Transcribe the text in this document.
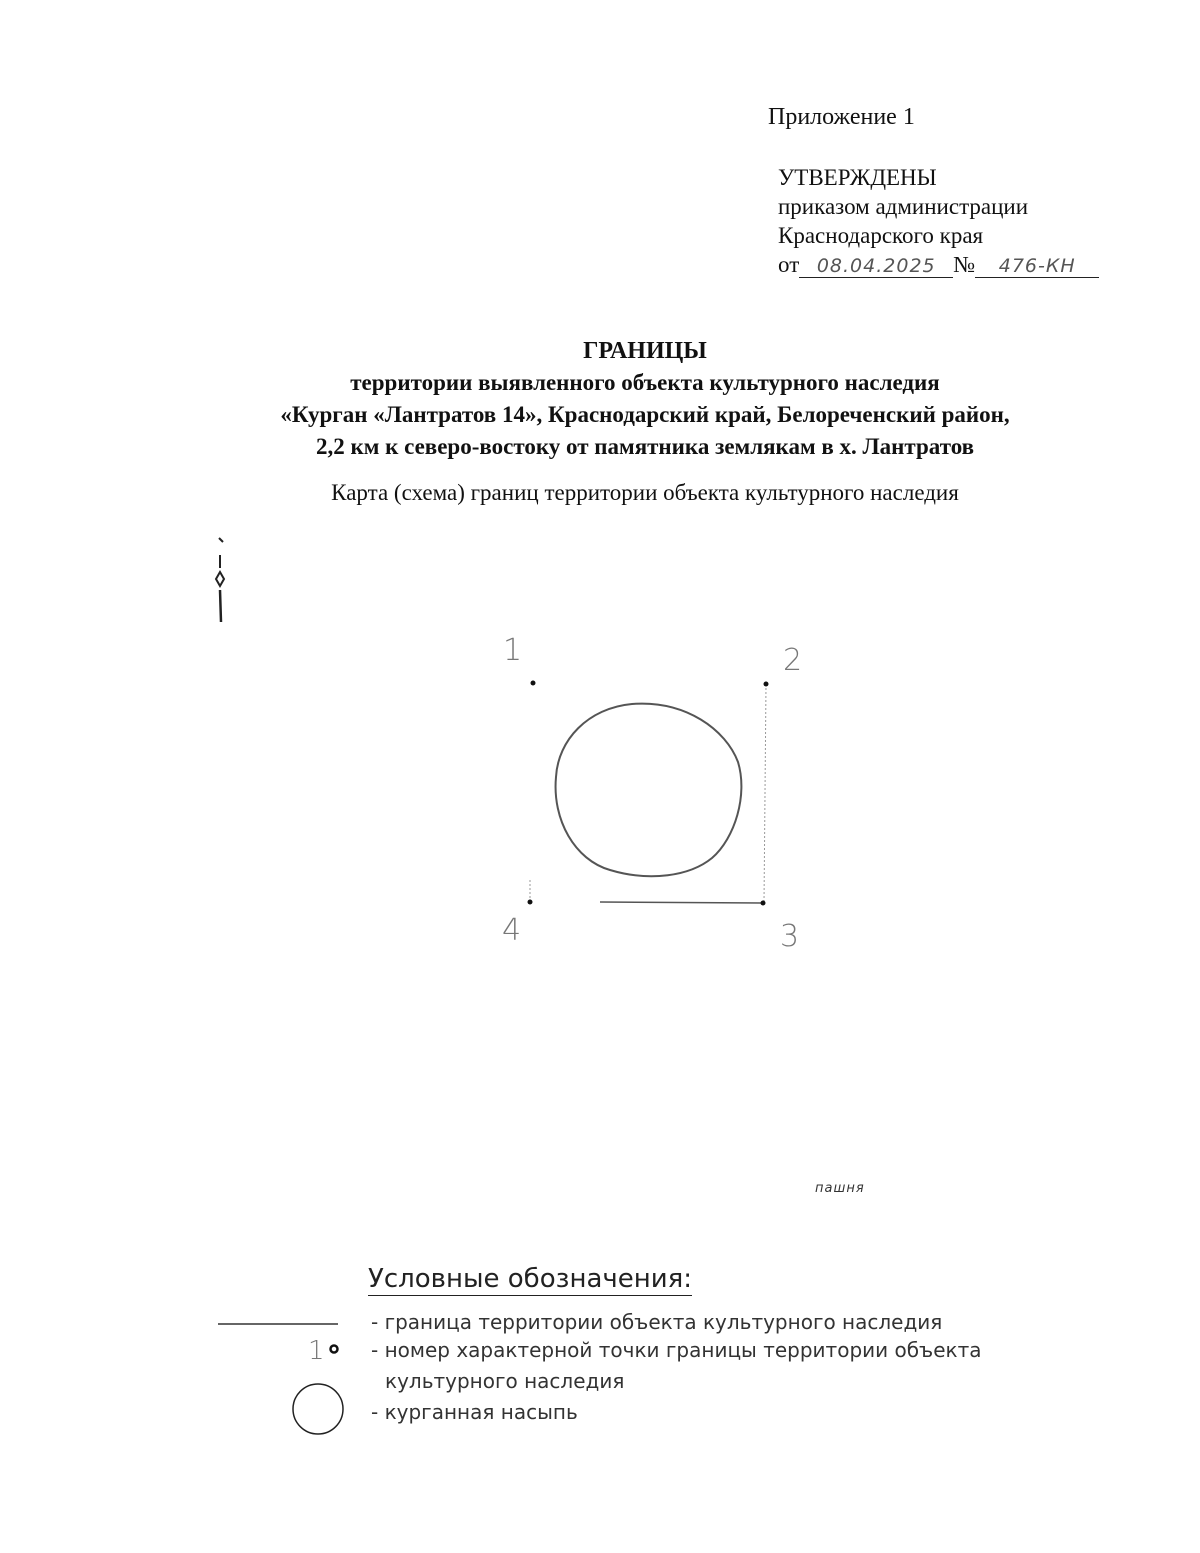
Приложение 1
УТВЕРЖДЕНЫ
приказом администрации
Краснодарского края
от 08.04.2025 № 476-КН
ГРАНИЦЫ
территории выявленного объекта культурного наследия
«Курган «Лантратов 14», Краснодарский край, Белореченский район,
2,2 км к северо-востоку от памятника землякам в х. Лантратов
Карта (схема) границ территории объекта культурного наследия
1	2
3
4
пашня
Условные обозначения:
1
- граница территории объекта культурного наследия
- номер характерной точки границы территории объекта
культурного наследия
- курганная насыпь
